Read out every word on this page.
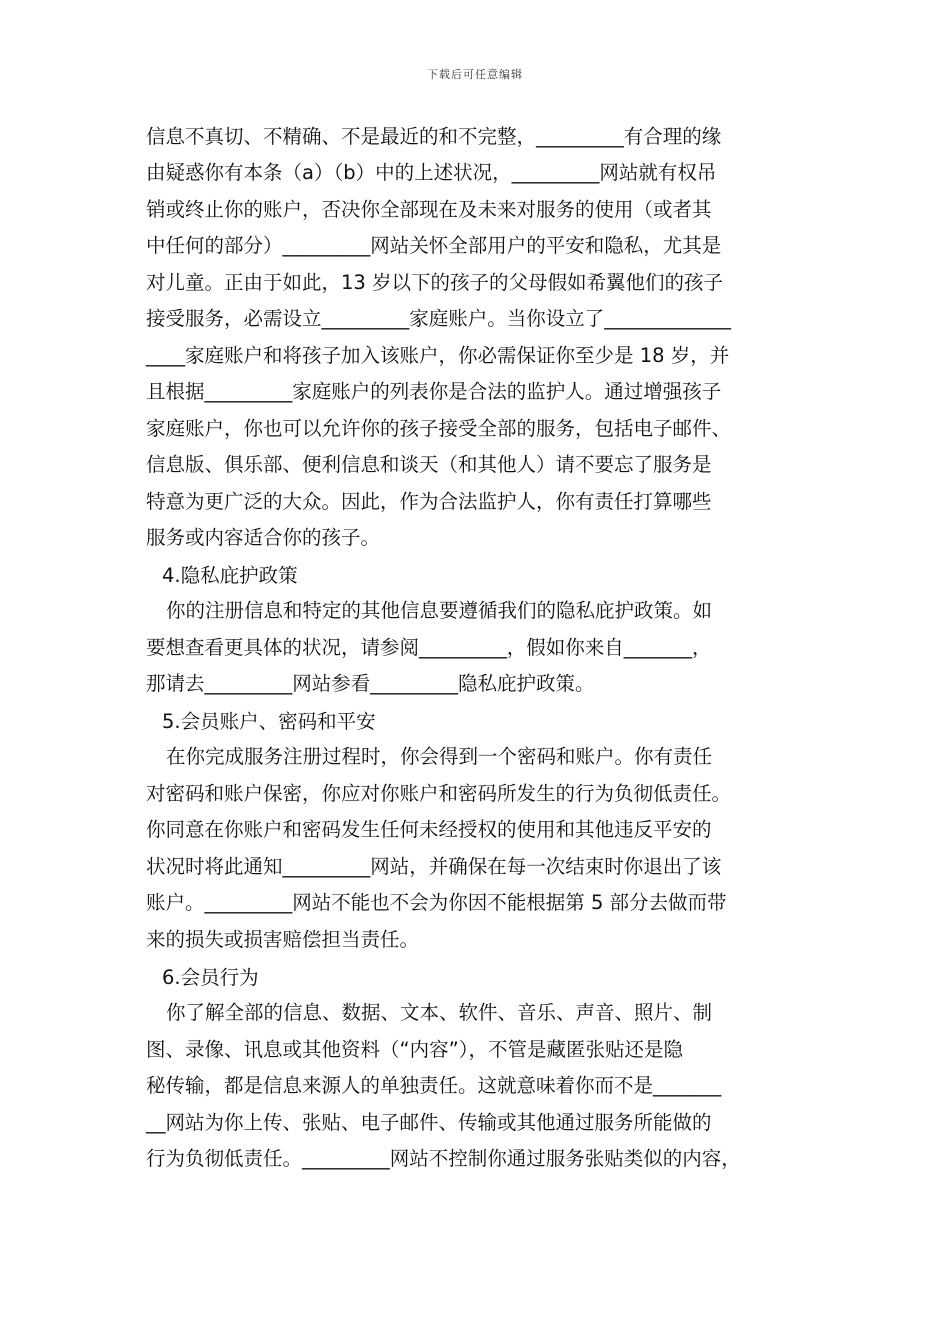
下载后可任意编辑
信息不真切、不精确、不是最近的和不完整，_________有合理的缘
由疑惑你有本条（a）（b）中的上述状况，_________网站就有权吊
销或终止你的账户，否决你全部现在及未来对服务的使用（或者其
中任何的部分）_________网站关怀全部用户的平安和隐私，尤其是
对儿童。正由于如此，13 岁以下的孩子的父母假如希翼他们的孩子
接受服务，必需设立_________家庭账户。当你设立了_____________
____家庭账户和将孩子加入该账户，你必需保证你至少是 18 岁，并
且根据_________家庭账户的列表你是合法的监护人。通过增强孩子
家庭账户，你也可以允许你的孩子接受全部的服务，包括电子邮件、
信息版、俱乐部、便利信息和谈天（和其他人）请不要忘了服务是
特意为更广泛的大众。因此，作为合法监护人，你有责任打算哪些
服务或内容适合你的孩子。
4.隐私庇护政策
你的注册信息和特定的其他信息要遵循我们的隐私庇护政策。如
要想查看更具体的状况，请参阅_________，假如你来自_______，
那请去_________网站参看_________隐私庇护政策。
5.会员账户、密码和平安
在你完成服务注册过程时，你会得到一个密码和账户。你有责任
对密码和账户保密，你应对你账户和密码所发生的行为负彻低责任。
你同意在你账户和密码发生任何未经授权的使用和其他违反平安的
状况时将此通知_________网站，并确保在每一次结束时你退出了该
账户。_________网站不能也不会为你因不能根据第 5 部分去做而带
来的损失或损害赔偿担当责任。
6.会员行为
你了解全部的信息、数据、文本、软件、音乐、声音、照片、制
图、录像、讯息或其他资料（“内容”），不管是藏匿张贴还是隐
秘传输，都是信息来源人的单独责任。这就意味着你而不是_______
__网站为你上传、张贴、电子邮件、传输或其他通过服务所能做的
行为负彻低责任。_________网站不控制你通过服务张贴类似的内容，
